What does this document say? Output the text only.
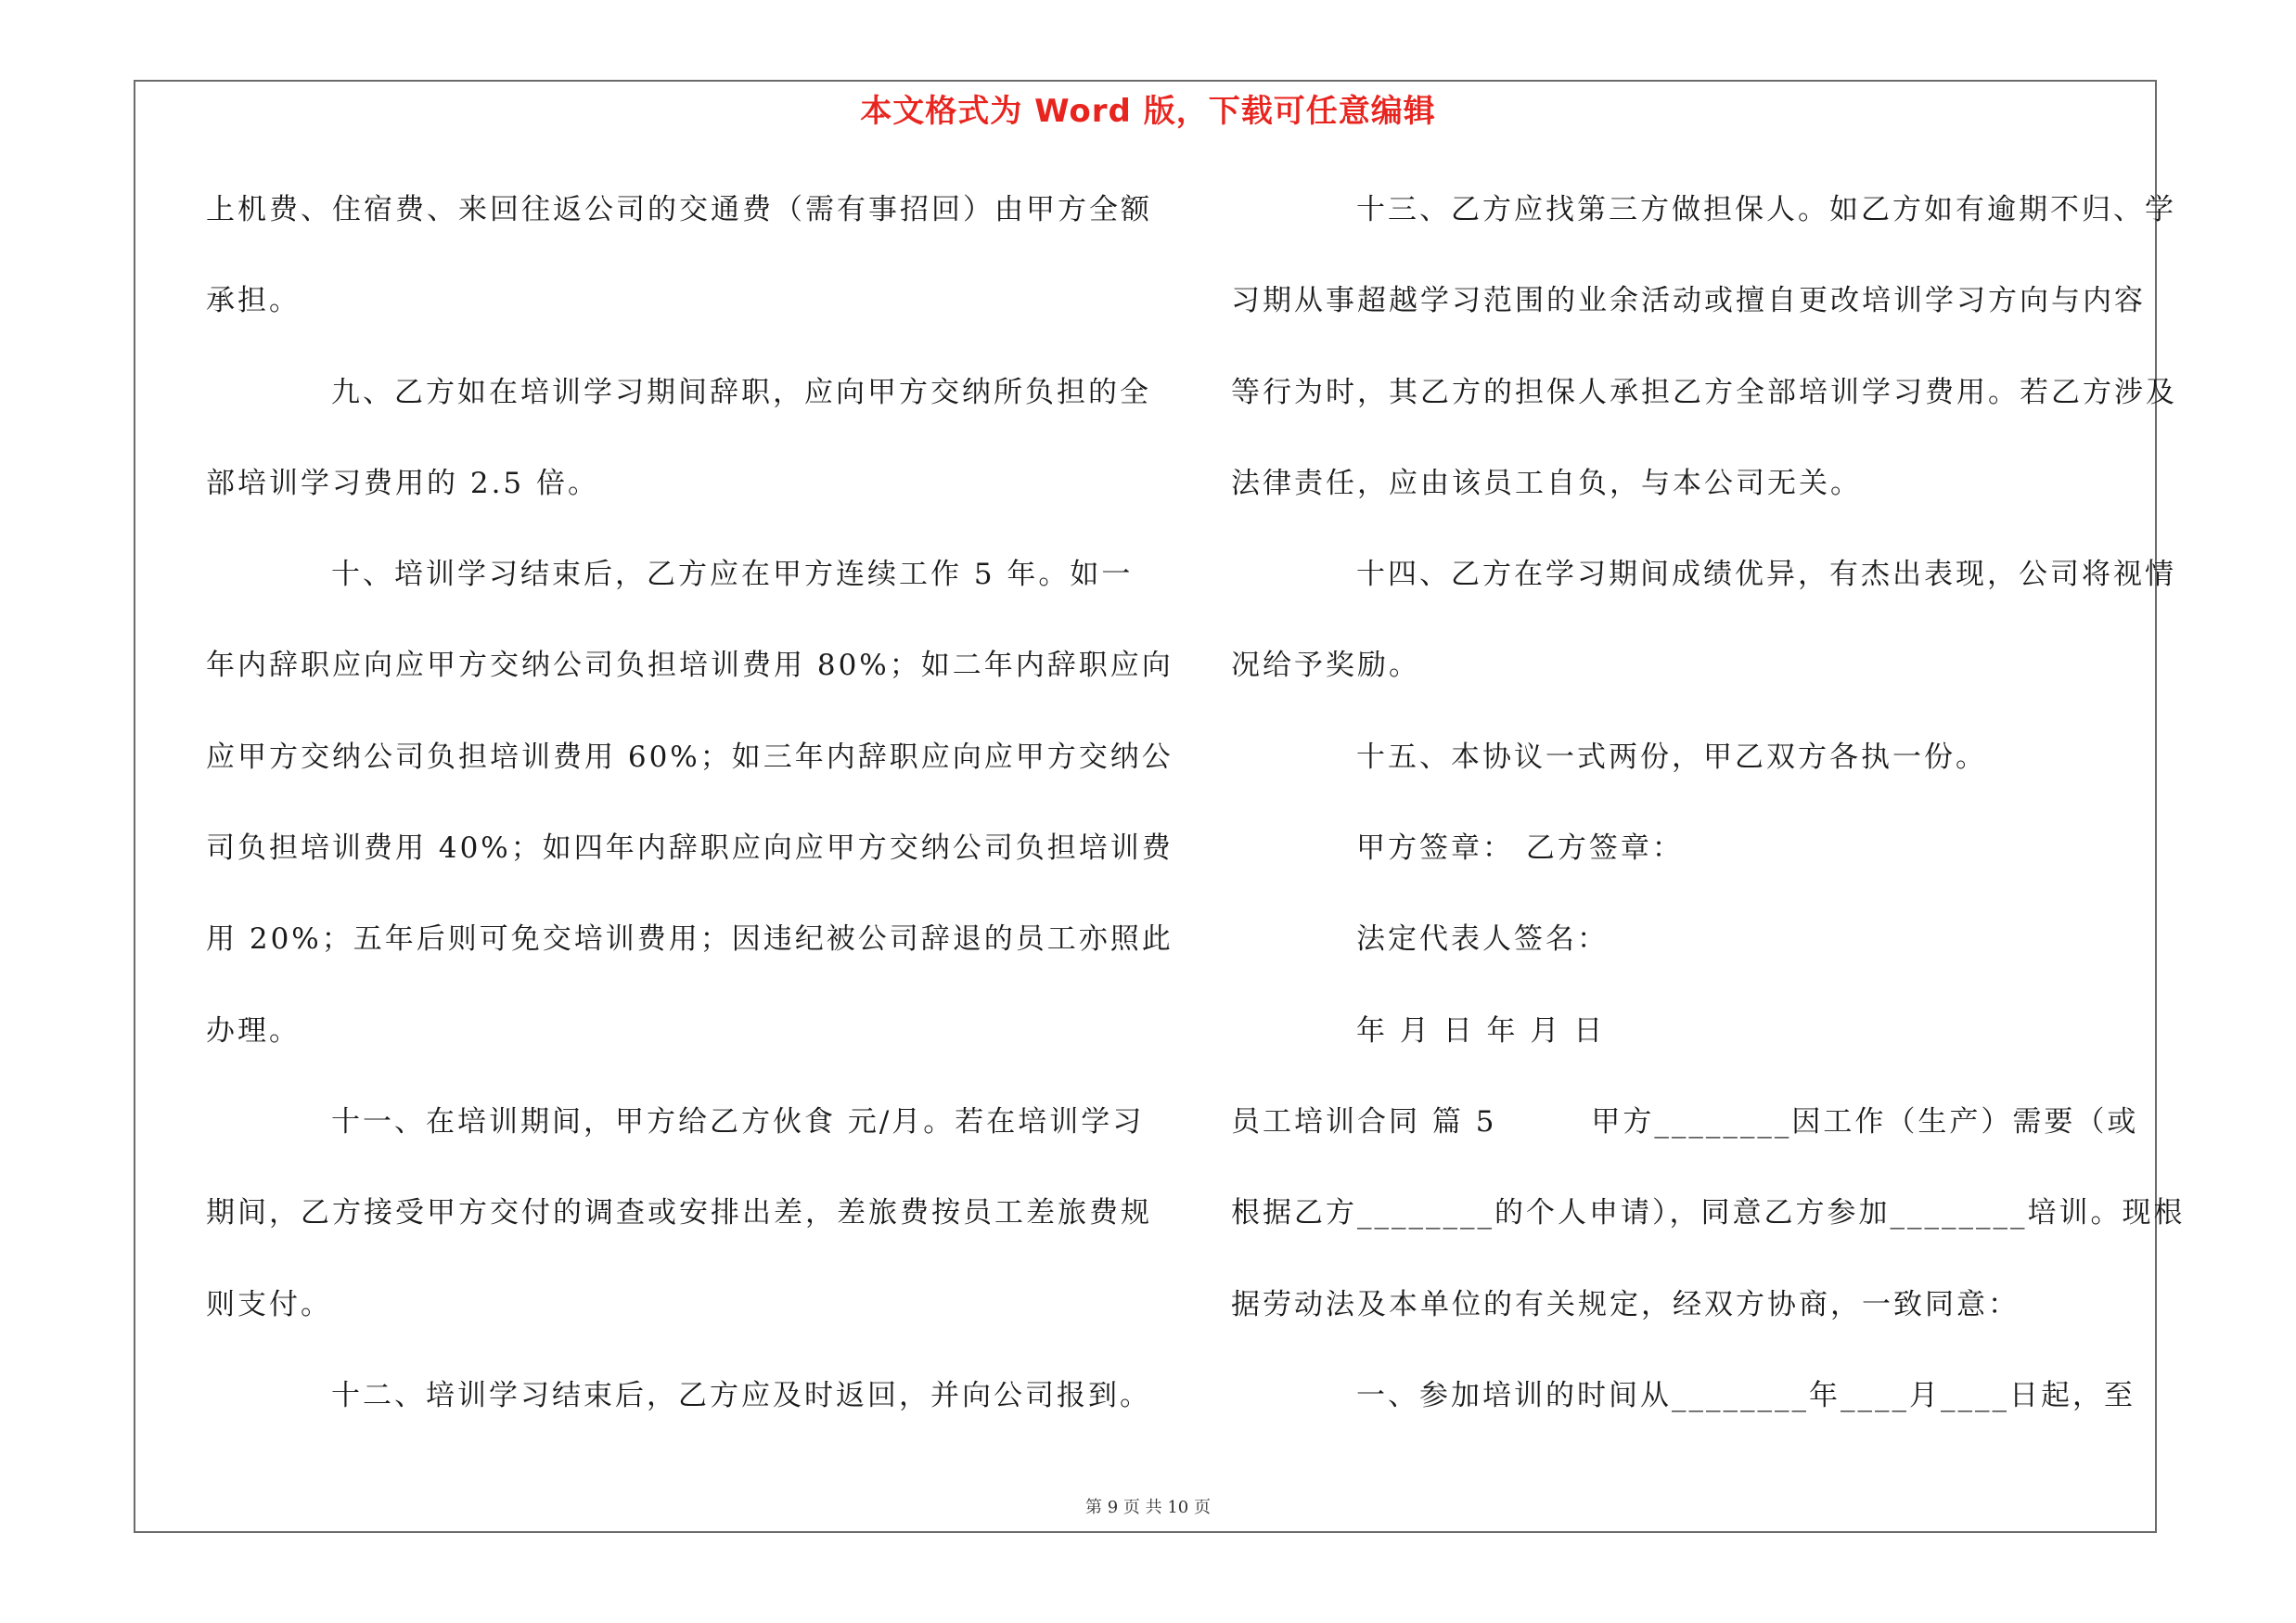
本文格式为 Word 版，下载可任意编辑
上机费、住宿费、来回往返公司的交通费（需有事招回）由甲方全额
承担。
九、乙方如在培训学习期间辞职，应向甲方交纳所负担的全
部培训学习费用的 2.5 倍。
十、培训学习结束后，乙方应在甲方连续工作 5 年。如一
年内辞职应向应甲方交纳公司负担培训费用 80%；如二年内辞职应向
应甲方交纳公司负担培训费用 60%；如三年内辞职应向应甲方交纳公
司负担培训费用 40%；如四年内辞职应向应甲方交纳公司负担培训费
用 20%；五年后则可免交培训费用；因违纪被公司辞退的员工亦照此
办理。
十一、在培训期间，甲方给乙方伙食 元/月。若在培训学习
期间，乙方接受甲方交付的调查或安排出差，差旅费按员工差旅费规
则支付。
十二、培训学习结束后，乙方应及时返回，并向公司报到。
十三、乙方应找第三方做担保人。如乙方如有逾期不归、学
习期从事超越学习范围的业余活动或擅自更改培训学习方向与内容
等行为时，其乙方的担保人承担乙方全部培训学习费用。若乙方涉及
法律责任，应由该员工自负，与本公司无关。
十四、乙方在学习期间成绩优异，有杰出表现，公司将视情
况给予奖励。
十五、本协议一式两份，甲乙双方各执一份。
甲方签章： 乙方签章：
法定代表人签名：
年 月 日 年 月 日
员工培训合同 篇 5　　　甲方________因工作（生产）需要（或
根据乙方________的个人申请），同意乙方参加________培训。现根
据劳动法及本单位的有关规定，经双方协商，一致同意：
一、参加培训的时间从________年____月____日起，至
第 9 页 共 10 页
